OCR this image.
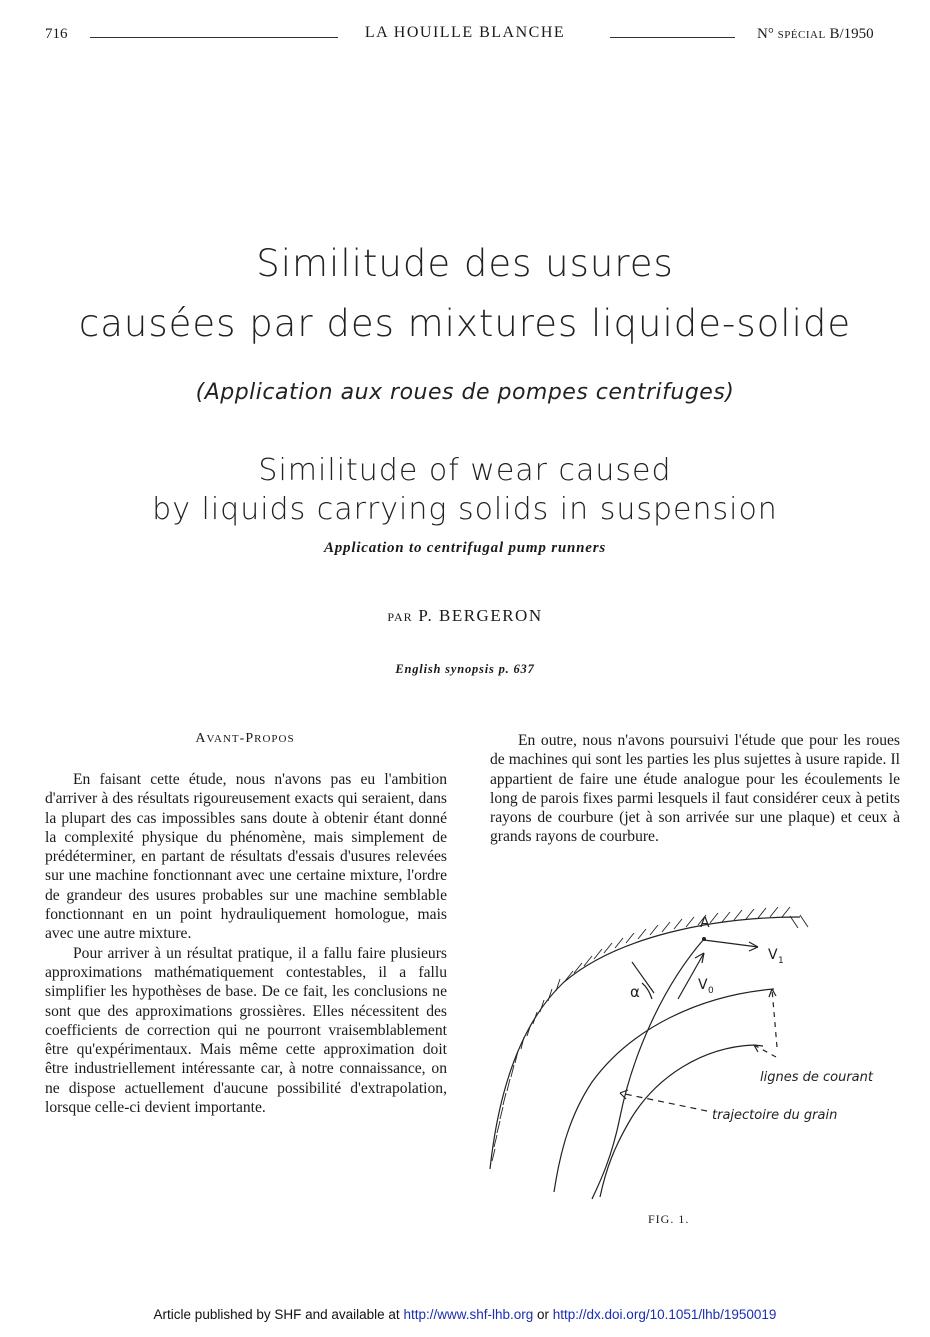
716	LA HOUILLE BLANCHE	N° SPÉCIAL B/1950
Similitude des usures
causées par des mixtures liquide-solide
(Application aux roues de pompes centrifuges)
Similitude of wear caused
by liquids carrying solids in suspension
Application to centrifugal pump runners
PAR P. BERGERON
English synopsis p. 637
AVANT-PROPOS

En faisant cette étude, nous n'avons pas eu l'ambition d'arriver à des résultats rigoureusement exacts qui seraient, dans la plupart des cas impossibles sans doute à obtenir étant donné la complexité physique du phénomène, mais simplement de prédéterminer, en partant de résultats d'essais d'usures relevées sur une machine fonctionnant avec une certaine mixture, l'ordre de grandeur des usures probables sur une machine semblable fonctionnant en un point hydrauliquement homologue, mais avec une autre mixture.

Pour arriver à un résultat pratique, il a fallu faire plusieurs approximations mathématiquement contestables, il a fallu simplifier les hypothèses de base. De ce fait, les conclusions ne sont que des approximations grossières. Elles nécessitent des coefficients de correction qui ne pourront vraisemblablement être qu'expérimentaux. Mais même cette approximation doit être industriellement intéressante car, à notre connaissance, on ne dispose actuellement d'aucune possibilité d'extrapolation, lorsque celle-ci devient importante.

En outre, nous n'avons poursuivi l'étude que pour les roues de machines qui sont les parties les plus sujettes à usure rapide. Il appartient de faire une étude analogue pour les écoulements le long de parois fixes parmi lesquels il faut considérer ceux à petits rayons de courbure (jet à son arrivée sur une plaque) et ceux à grands rayons de courbure.

A
V 1
V 0
α
lignes de courant
trajectoire du grain
FIG. 1.
Article published by SHF and available at http://www.shf-lhb.org or http://dx.doi.org/10.1051/lhb/1950019
